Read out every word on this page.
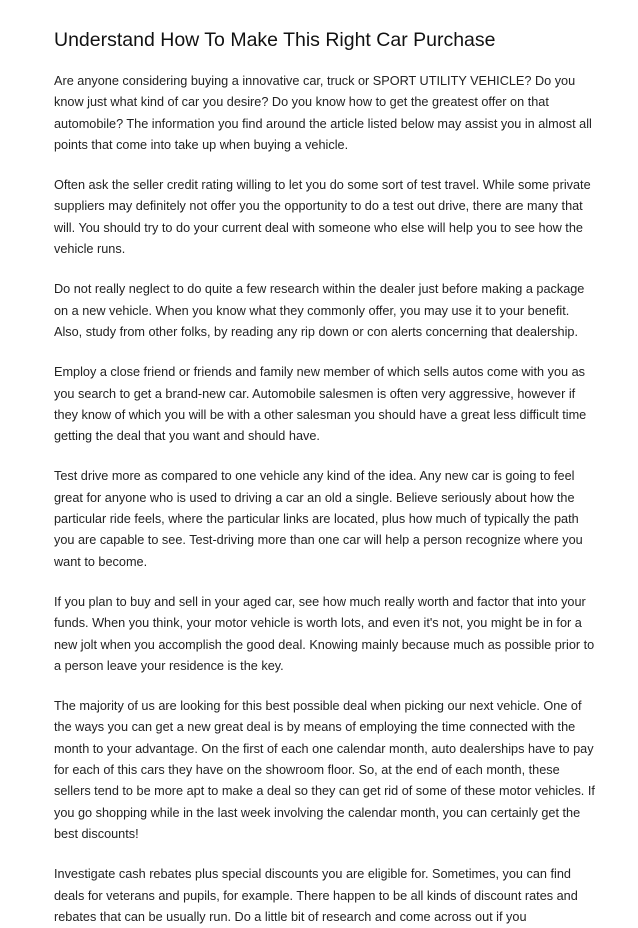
Understand How To Make This Right Car Purchase

Are anyone considering buying a innovative car, truck or SPORT UTILITY VEHICLE? Do you know just what kind of car you desire? Do you know how to get the greatest offer on that automobile? The information you find around the article listed below may assist you in almost all points that come into take up when buying a vehicle.

Often ask the seller credit rating willing to let you do some sort of test travel. While some private suppliers may definitely not offer you the opportunity to do a test out drive, there are many that will. You should try to do your current deal with someone who else will help you to see how the vehicle runs.

Do not really neglect to do quite a few research within the dealer just before making a package on a new vehicle. When you know what they commonly offer, you may use it to your benefit. Also, study from other folks, by reading any rip down or con alerts concerning that dealership.

Employ a close friend or friends and family new member of which sells autos come with you as you search to get a brand-new car. Automobile salesmen is often very aggressive, however if they know of which you will be with a other salesman you should have a great less difficult time getting the deal that you want and should have.

Test drive more as compared to one vehicle any kind of the idea. Any new car is going to feel great for anyone who is used to driving a car an old a single. Believe seriously about how the particular ride feels, where the particular links are located, plus how much of typically the path you are capable to see. Test-driving more than one car will help a person recognize where you want to become.

If you plan to buy and sell in your aged car, see how much really worth and factor that into your funds. When you think, your motor vehicle is worth lots, and even it's not, you might be in for a new jolt when you accomplish the good deal. Knowing mainly because much as possible prior to a person leave your residence is the key.

The majority of us are looking for this best possible deal when picking our next vehicle. One of the ways you can get a new great deal is by means of employing the time connected with the month to your advantage. On the first of each one calendar month, auto dealerships have to pay for each of this cars they have on the showroom floor. So, at the end of each month, these sellers tend to be more apt to make a deal so they can get rid of some of these motor vehicles. If you go shopping while in the last week involving the calendar month, you can certainly get the best discounts!

Investigate cash rebates plus special discounts you are eligible for. Sometimes, you can find deals for veterans and pupils, for example. There happen to be all kinds of discount rates and rebates that can be usually run. Do a little bit of research and come across out if you
